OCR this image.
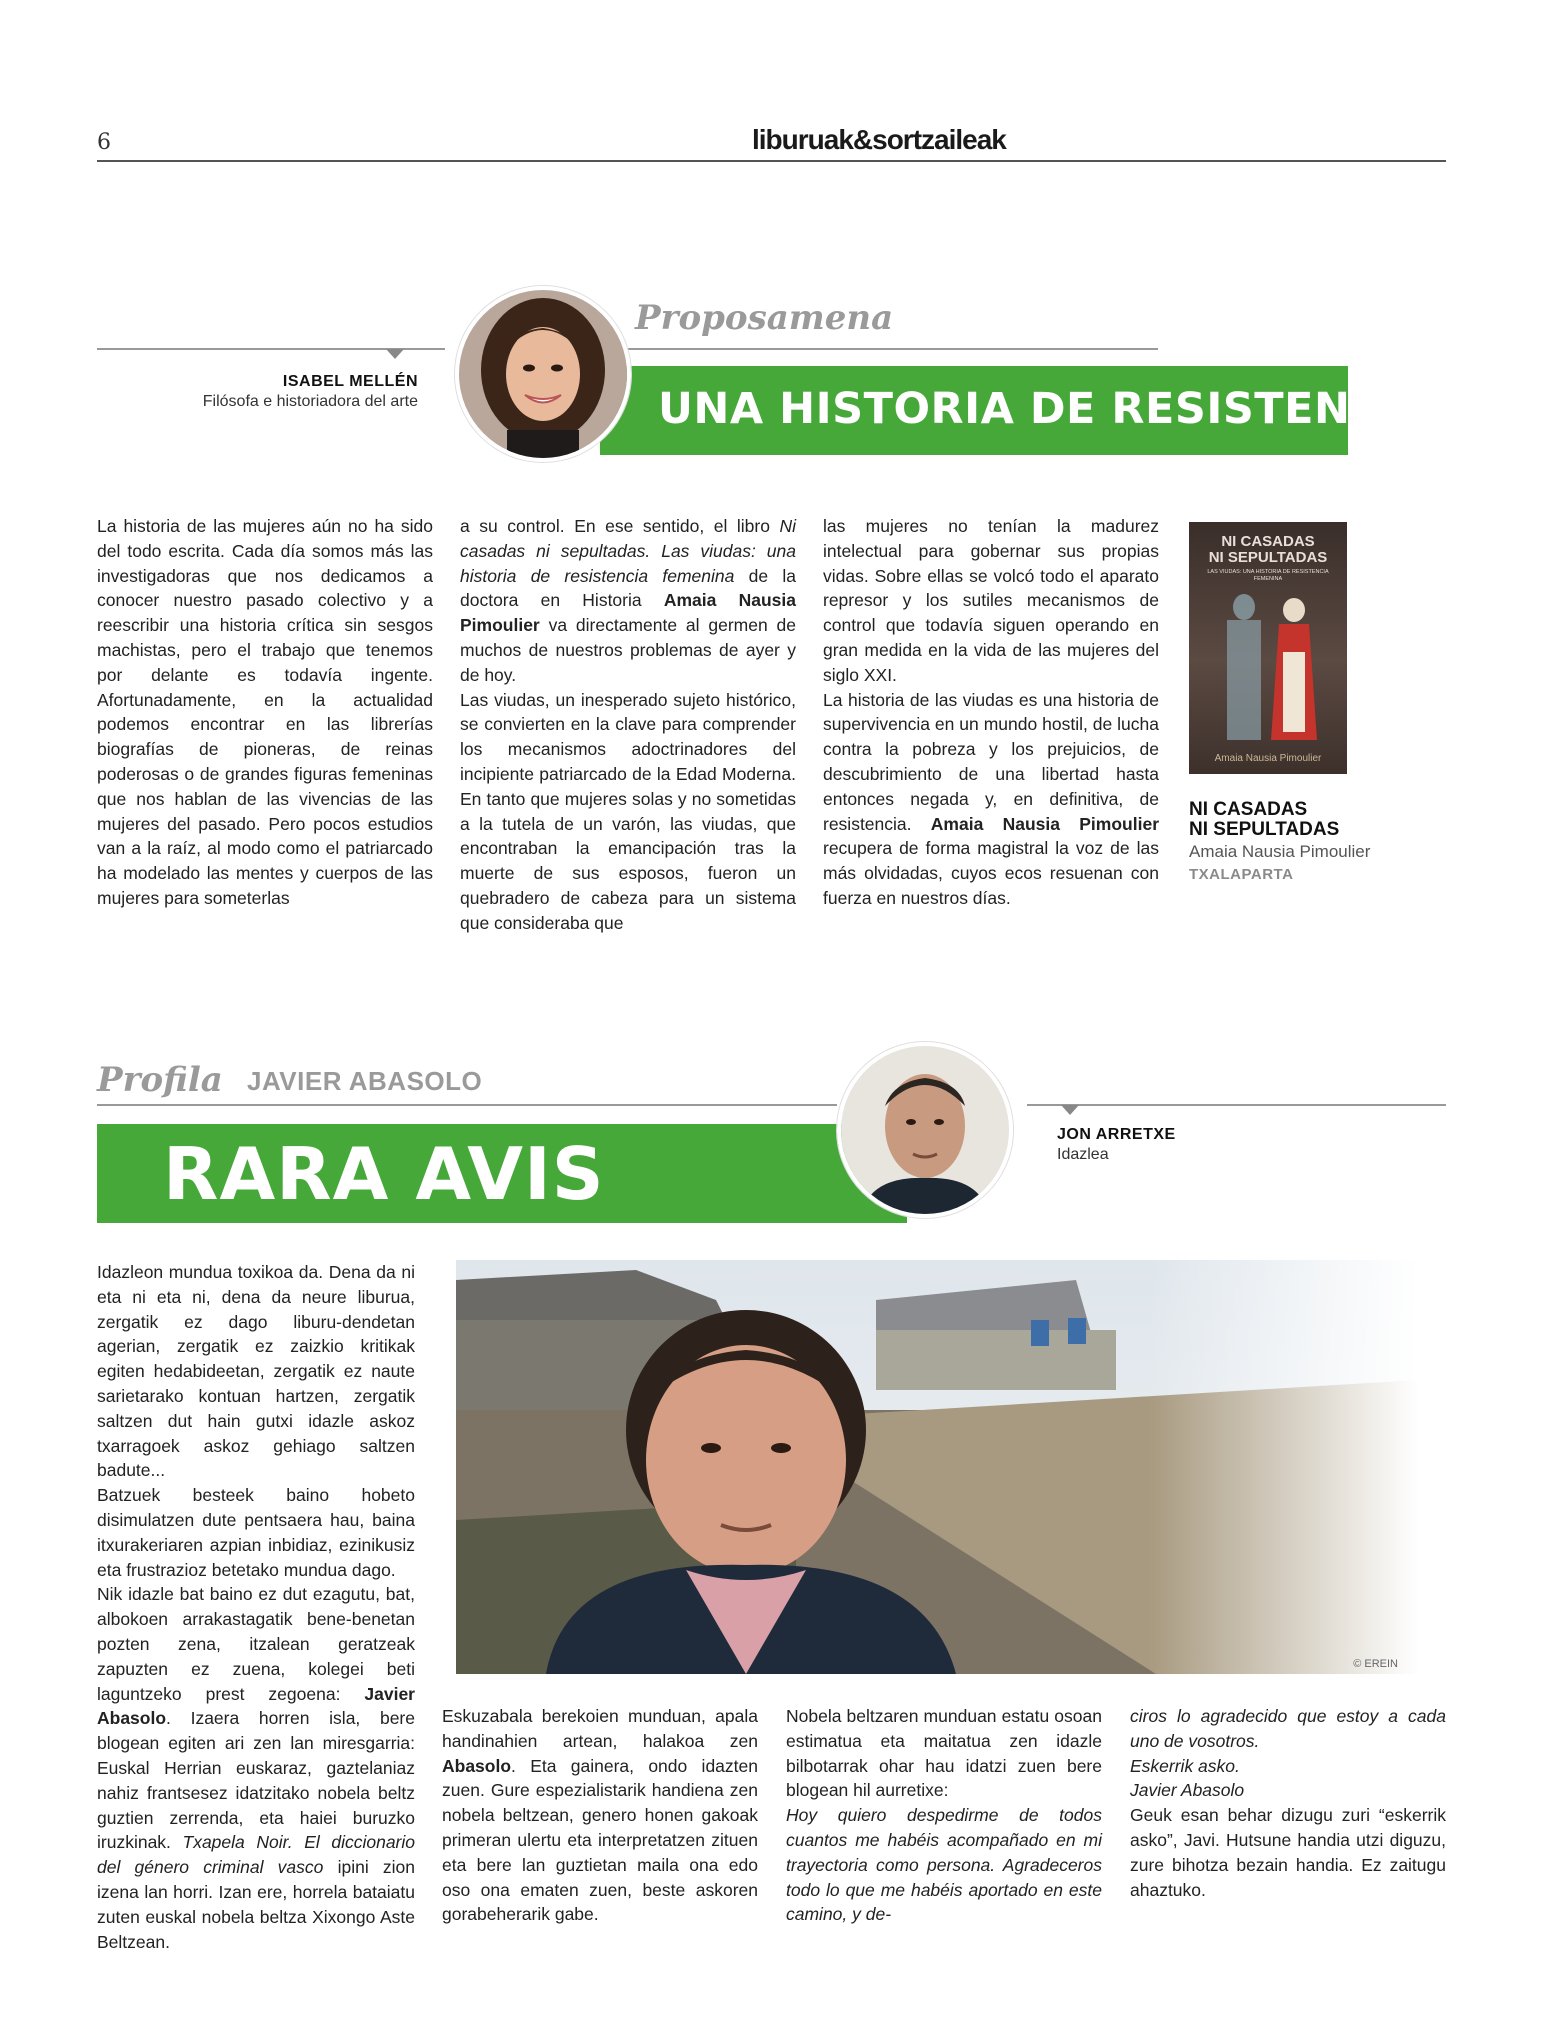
6	liburuak&sortzaileak
Proposamena
ISABEL MELLÉN
Filósofa e historiadora del arte	UNA HISTORIA DE RESISTENCIA

La historia de las mujeres aún no ha sido del todo escrita. Cada día somos más las investigadoras que nos dedicamos a conocer nuestro pasado colectivo y a reescribir una historia crítica sin sesgos machistas, pero el trabajo que tenemos por delante es todavía ingente. Afortunadamente, en la actualidad podemos encontrar en las librerías biografías de pioneras, de reinas poderosas o de grandes figuras femeninas que nos hablan de las vivencias de las mujeres del pasado. Pero pocos estudios van a la raíz, al modo como el patriarcado ha modelado las mentes y cuerpos de las mujeres para someterlas

a su control. En ese sentido, el libro Ni casadas ni sepultadas. Las viudas: una historia de resistencia femenina de la doctora en Historia Amaia Nausia Pimoulier va directamente al germen de muchos de nuestros problemas de ayer y de hoy.

Las viudas, un inesperado sujeto histórico, se convierten en la clave para comprender los mecanismos adoctrinadores del incipiente patriarcado de la Edad Moderna. En tanto que mujeres solas y no sometidas a la tutela de un varón, las viudas, que encontraban la emancipación tras la muerte de sus esposos, fueron un quebradero de cabeza para un sistema que consideraba que

las mujeres no tenían la madurez intelectual para gobernar sus propias vidas. Sobre ellas se volcó todo el aparato represor y los sutiles mecanismos de control que todavía siguen operando en gran medida en la vida de las mujeres del siglo XXI.

La historia de las viudas es una historia de supervivencia en un mundo hostil, de lucha contra la pobreza y los prejuicios, de descubrimiento de una libertad hasta entonces negada y, en definitiva, de resistencia. Amaia Nausia Pimoulier recupera de forma magistral la voz de las más olvidadas, cuyos ecos resuenan con fuerza en nuestros días.

NI CASADAS
NI SEPULTADAS
LAS VIUDAS: UNA HISTORIA DE RESISTENCIA FEMENINA
Amaia Nausia Pimoulier
NI CASADAS
NI SEPULTADAS
Amaia Nausia Pimoulier
TXALAPARTA
Profila JAVIER ABASOLO
RARA AVIS	JON ARRETXE
Idazlea

Idazleon mundua toxikoa da. Dena da ni eta ni eta ni, dena da neure liburua, zergatik ez dago liburu-dendetan agerian, zergatik ez zaizkio kritikak egiten hedabideetan, zergatik ez naute sarietarako kontuan hartzen, zergatik saltzen dut hain gutxi idazle askoz txarragoek askoz gehiago saltzen badute...

Batzuek besteek baino hobeto disimulatzen dute pentsaera hau, baina itxurakeriaren azpian inbidiaz, ezinikusiz eta frustrazioz betetako mundua dago.

Nik idazle bat baino ez dut ezagutu, bat, albokoen arrakastagatik bene-benetan pozten zena, itzalean geratzeak zapuzten ez zuena, kolegei beti laguntzeko prest zegoena: Javier Abasolo. Izaera horren isla, bere blogean egiten ari zen lan miresgarria: Euskal Herrian euskaraz, gaztelaniaz nahiz frantsesez idatzitako nobela beltz guztien zerrenda, eta haiei buruzko iruzkinak. Txapela Noir. El diccionario del género criminal vasco ipini zion izena lan horri. Izan ere, horrela bataiatu zuten euskal nobela beltza Xixongo Aste Beltzean.

© EREIN

Eskuzabala berekoien munduan, apala handinahien artean, halakoa zen Abasolo. Eta gainera, ondo idazten zuen. Gure espezialistarik handiena zen nobela beltzean, genero honen gakoak primeran ulertu eta interpretatzen zituen eta bere lan guztietan maila ona edo oso ona ematen zuen, beste askoren gorabeherarik gabe.

Nobela beltzaren munduan estatu osoan estimatua eta maitatua zen idazle bilbotarrak ohar hau idatzi zuen bere blogean hil aurretixe:

Hoy quiero despedirme de todos cuantos me habéis acompañado en mi trayectoria como persona. Agradeceros todo lo que me habéis aportado en este camino, y de-

ciros lo agradecido que estoy a cada uno de vosotros.

Eskerrik asko.

Javier Abasolo

Geuk esan behar dizugu zuri “eskerrik asko”, Javi. Hutsune handia utzi diguzu, zure bihotza bezain handia. Ez zaitugu ahaztuko.
